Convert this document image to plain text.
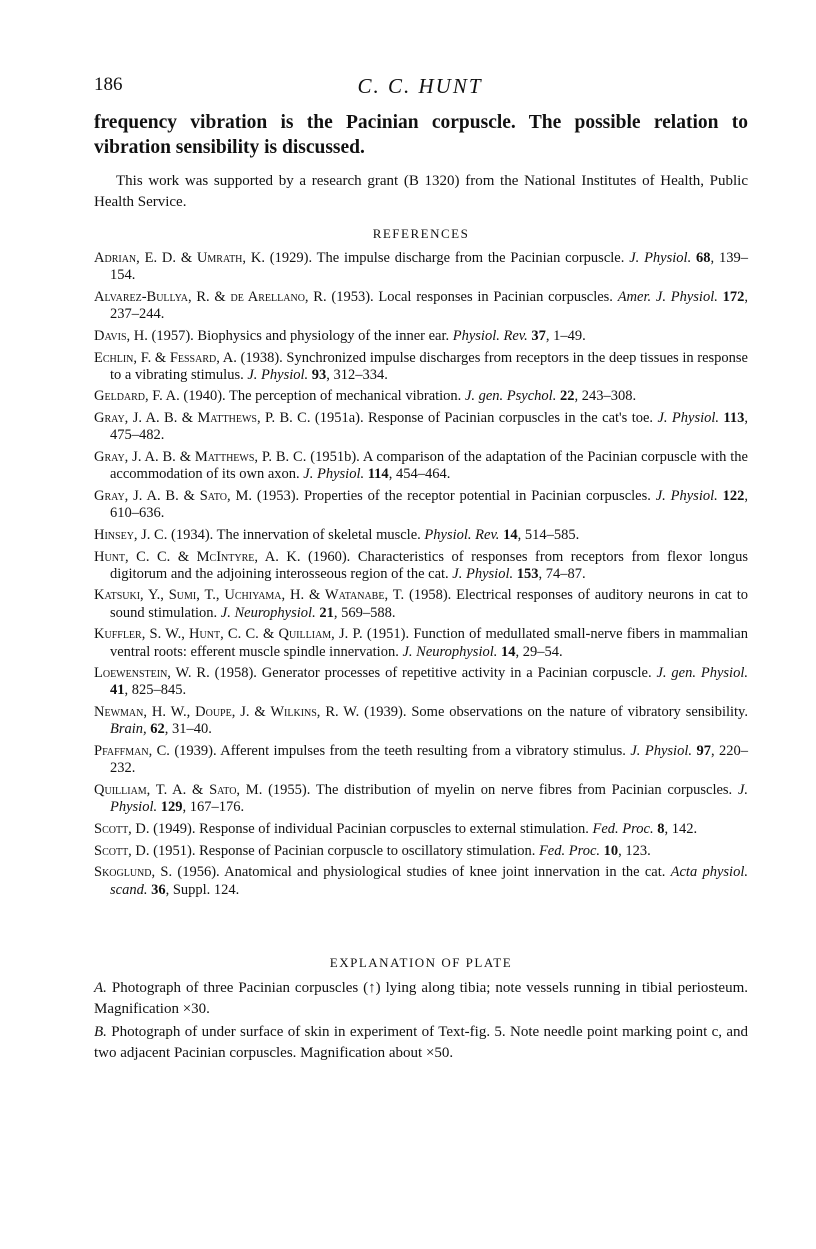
186	C. C. HUNT

frequency vibration is the Pacinian corpuscle. The possible relation to vibration sensibility is discussed.

This work was supported by a research grant (B 1320) from the National Institutes of Health, Public Health Service.

REFERENCES
Adrian, E. D. & Umrath, K. (1929). The impulse discharge from the Pacinian corpuscle. J. Physiol. 68, 139–154.
Alvarez-Bullya, R. & de Arellano, R. (1953). Local responses in Pacinian corpuscles. Amer. J. Physiol. 172, 237–244.
Davis, H. (1957). Biophysics and physiology of the inner ear. Physiol. Rev. 37, 1–49.
Echlin, F. & Fessard, A. (1938). Synchronized impulse discharges from receptors in the deep tissues in response to a vibrating stimulus. J. Physiol. 93, 312–334.
Geldard, F. A. (1940). The perception of mechanical vibration. J. gen. Psychol. 22, 243–308.
Gray, J. A. B. & Matthews, P. B. C. (1951a). Response of Pacinian corpuscles in the cat's toe. J. Physiol. 113, 475–482.
Gray, J. A. B. & Matthews, P. B. C. (1951b). A comparison of the adaptation of the Pacinian corpuscle with the accommodation of its own axon. J. Physiol. 114, 454–464.
Gray, J. A. B. & Sato, M. (1953). Properties of the receptor potential in Pacinian corpuscles. J. Physiol. 122, 610–636.
Hinsey, J. C. (1934). The innervation of skeletal muscle. Physiol. Rev. 14, 514–585.
Hunt, C. C. & McIntyre, A. K. (1960). Characteristics of responses from receptors from flexor longus digitorum and the adjoining interosseous region of the cat. J. Physiol. 153, 74–87.
Katsuki, Y., Sumi, T., Uchiyama, H. & Watanabe, T. (1958). Electrical responses of auditory neurons in cat to sound stimulation. J. Neurophysiol. 21, 569–588.
Kuffler, S. W., Hunt, C. C. & Quilliam, J. P. (1951). Function of medullated small-nerve fibers in mammalian ventral roots: efferent muscle spindle innervation. J. Neurophysiol. 14, 29–54.
Loewenstein, W. R. (1958). Generator processes of repetitive activity in a Pacinian corpuscle. J. gen. Physiol. 41, 825–845.
Newman, H. W., Doupe, J. & Wilkins, R. W. (1939). Some observations on the nature of vibratory sensibility. Brain, 62, 31–40.
Pfaffman, C. (1939). Afferent impulses from the teeth resulting from a vibratory stimulus. J. Physiol. 97, 220–232.
Quilliam, T. A. & Sato, M. (1955). The distribution of myelin on nerve fibres from Pacinian corpuscles. J. Physiol. 129, 167–176.
Scott, D. (1949). Response of individual Pacinian corpuscles to external stimulation. Fed. Proc. 8, 142.
Scott, D. (1951). Response of Pacinian corpuscle to oscillatory stimulation. Fed. Proc. 10, 123.
Skoglund, S. (1956). Anatomical and physiological studies of knee joint innervation in the cat. Acta physiol. scand. 36, Suppl. 124.
EXPLANATION OF PLATE

A. Photograph of three Pacinian corpuscles (↑) lying along tibia; note vessels running in tibial periosteum. Magnification ×30.

B. Photograph of under surface of skin in experiment of Text-fig. 5. Note needle point marking point c, and two adjacent Pacinian corpuscles. Magnification about ×50.
